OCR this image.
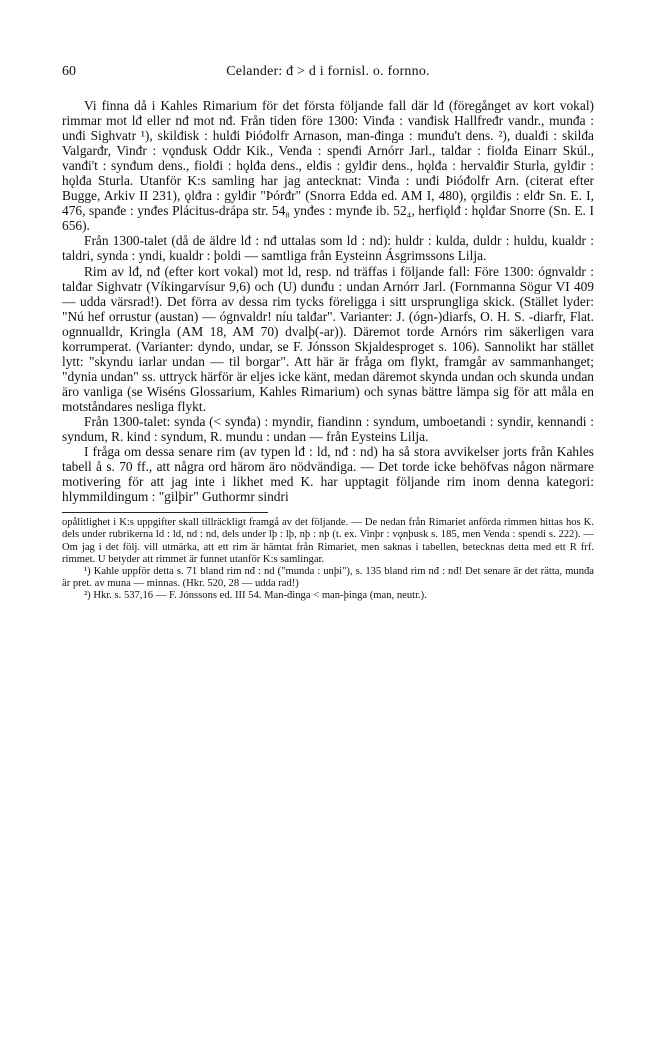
60	Celander: đ > d i fornisl. o. fornno.

Vi finna då i Kahles Rimarium för det första följande fall där lđ (föregånget av kort vokal) rimmar mot lđ eller nđ mot nđ. Från tiden före 1300: Vinđa : vanđisk Hallfređr vandr., munđa : unđi Sighvatr ¹), skilđisk : hulđi Þióđolfr Arnason, man-đinga : munđu't dens. ²), dualđi : skilđa Valgarđr, Vinđr : vǫnđusk Oddr Kik., Venđa : spenđi Arnórr Jarl., talđar : fiolđa Einarr Skúl., vanđi't : synđum dens., fiolđi : hǫlđa dens., elđis : gylđir dens., hǫlđa : hervalđir Sturla, gylđir : hǫlđa Sturla. Utanför K:s samling har jag antecknat: Vinđa : unđi Þióđolfr Arn. (citerat efter Bugge, Arkiv II 231), ǫlđra : gylđir "Þórđr" (Snorra Edda ed. AM I, 480), ǫrgilđis : elđr Sn. E. I, 476, spanđe : ynđes Plácitus-drápa str. 54₈ ynđes : mynđe ib. 52₄, herfiǫlđ : hǫlđar Snorre (Sn. E. I 656).

Från 1300-talet (då de äldre lđ : nđ uttalas som ld : nd): huldr : kulda, duldr : huldu, kualdr : taldri, synda : yndi, kualdr : þoldi — samtliga från Eysteinn Ásgrimssons Lilja.

Rim av lđ, nđ (efter kort vokal) mot ld, resp. nd träffas i följande fall: Före 1300: ógnvaldr : talđar Sighvatr (Víkingarvísur 9,6) och (U) dunđu : undan Arnórr Jarl. (Fornmanna Sögur VI 409 — udda värsrad!). Det förra av dessa rim tycks föreligga i sitt ursprungliga skick. (Stället lyder: "Nú hef orrustur (austan) — ógnvaldr! níu talđar". Varianter: J. (ógn-)diarfs, O. H. S. -diarfr, Flat. ognnualldr, Kringla (AM 18, AM 70) dvalþ(-ar)). Däremot torde Arnórs rim säkerligen vara korrumperat. (Varianter: dyndo, undar, se F. Jónsson Skjaldesproget s. 106). Sannolikt har stället lytt: "skyndu iarlar undan — til borgar". Att här är fråga om flykt, framgår av sammanhanget; "dynia undan" ss. uttryck härför är eljes icke känt, medan däremot skynda undan och skunda undan äro vanliga (se Wiséns Glossarium, Kahles Rimarium) och synas bättre lämpa sig för att måla en motståndares nesliga flykt.

Från 1300-talet: synda (< synđa) : myndir, fiandinn : syndum, umboetandi : syndir, kennandi : syndum, R. kind : syndum, R. mundu : undan — från Eysteins Lilja.

I fråga om dessa senare rim (av typen lđ : ld, nđ : nd) ha så stora avvikelser jorts från Kahles tabell å s. 70 ff., att några ord härom äro nödvändiga. — Det torde icke behöfvas någon närmare motivering för att jag inte i likhet med K. har upptagit följande rim inom denna kategori: hlymmildingum : "gilþir" Guthormr sindri

opålitlighet i K:s uppgifter skall tillräckligt framgå av det följande. — De nedan från Rimariet anförda rimmen hittas hos K. dels under rubrikerna ld : ld, nd : nd, dels under lþ : lþ, nþ : nþ (t. ex. Vinþr : vǫnþusk s. 185, men Venda : spendi s. 222). — Om jag i det följ. vill utmärka, att ett rim är hämtat från Rimariet, men saknas i tabellen, betecknas detta med ett R frf. rimmet. U betyder att rimmet är funnet utanför K:s samlingar.

¹) Kahle uppför detta s. 71 bland rim nđ : nd ("munda : unþi"), s. 135 bland rim nđ : nđ! Det senare är det rätta, munđa är pret. av muna — minnas. (Hkr. 520, 28 — udda rad!)

²) Hkr. s. 537,16 — F. Jónssons ed. III 54. Man-đinga < man-þinga (man, neutr.).
